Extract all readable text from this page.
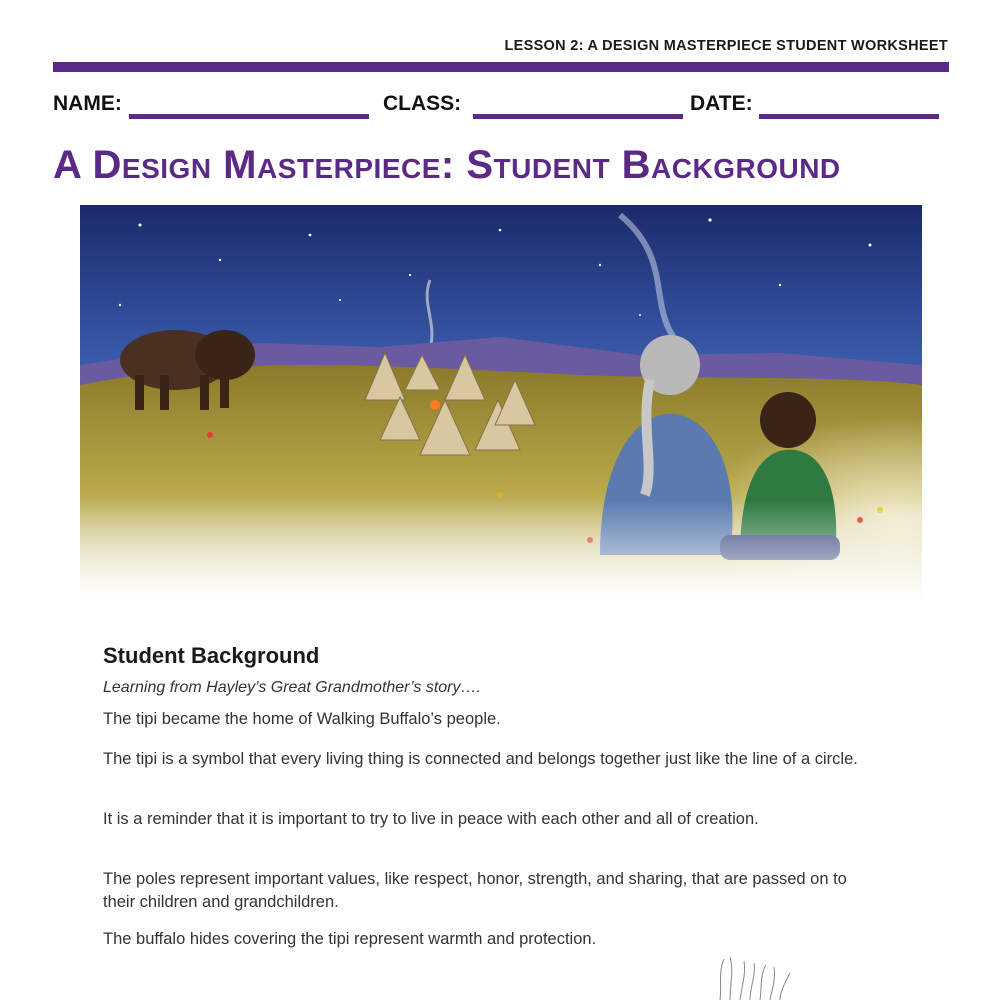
LESSON 2: A DESIGN MASTERPIECE STUDENT WORKSHEET
NAME:	CLASS:	DATE:
A Design Masterpiece: Student Background
Student Background
Learning from Hayley’s Great Grandmother’s story….

The tipi became the home of Walking Buffalo’s people.

The tipi is a symbol that every living thing is connected and belongs together just like the line of a circle.

It is a reminder that it is important to try to live in peace with each other and all of creation.

The poles represent important values, like respect, honor, strength, and sharing, that are passed on to their children and grandchildren.

The buffalo hides covering the tipi represent warmth and protection.
